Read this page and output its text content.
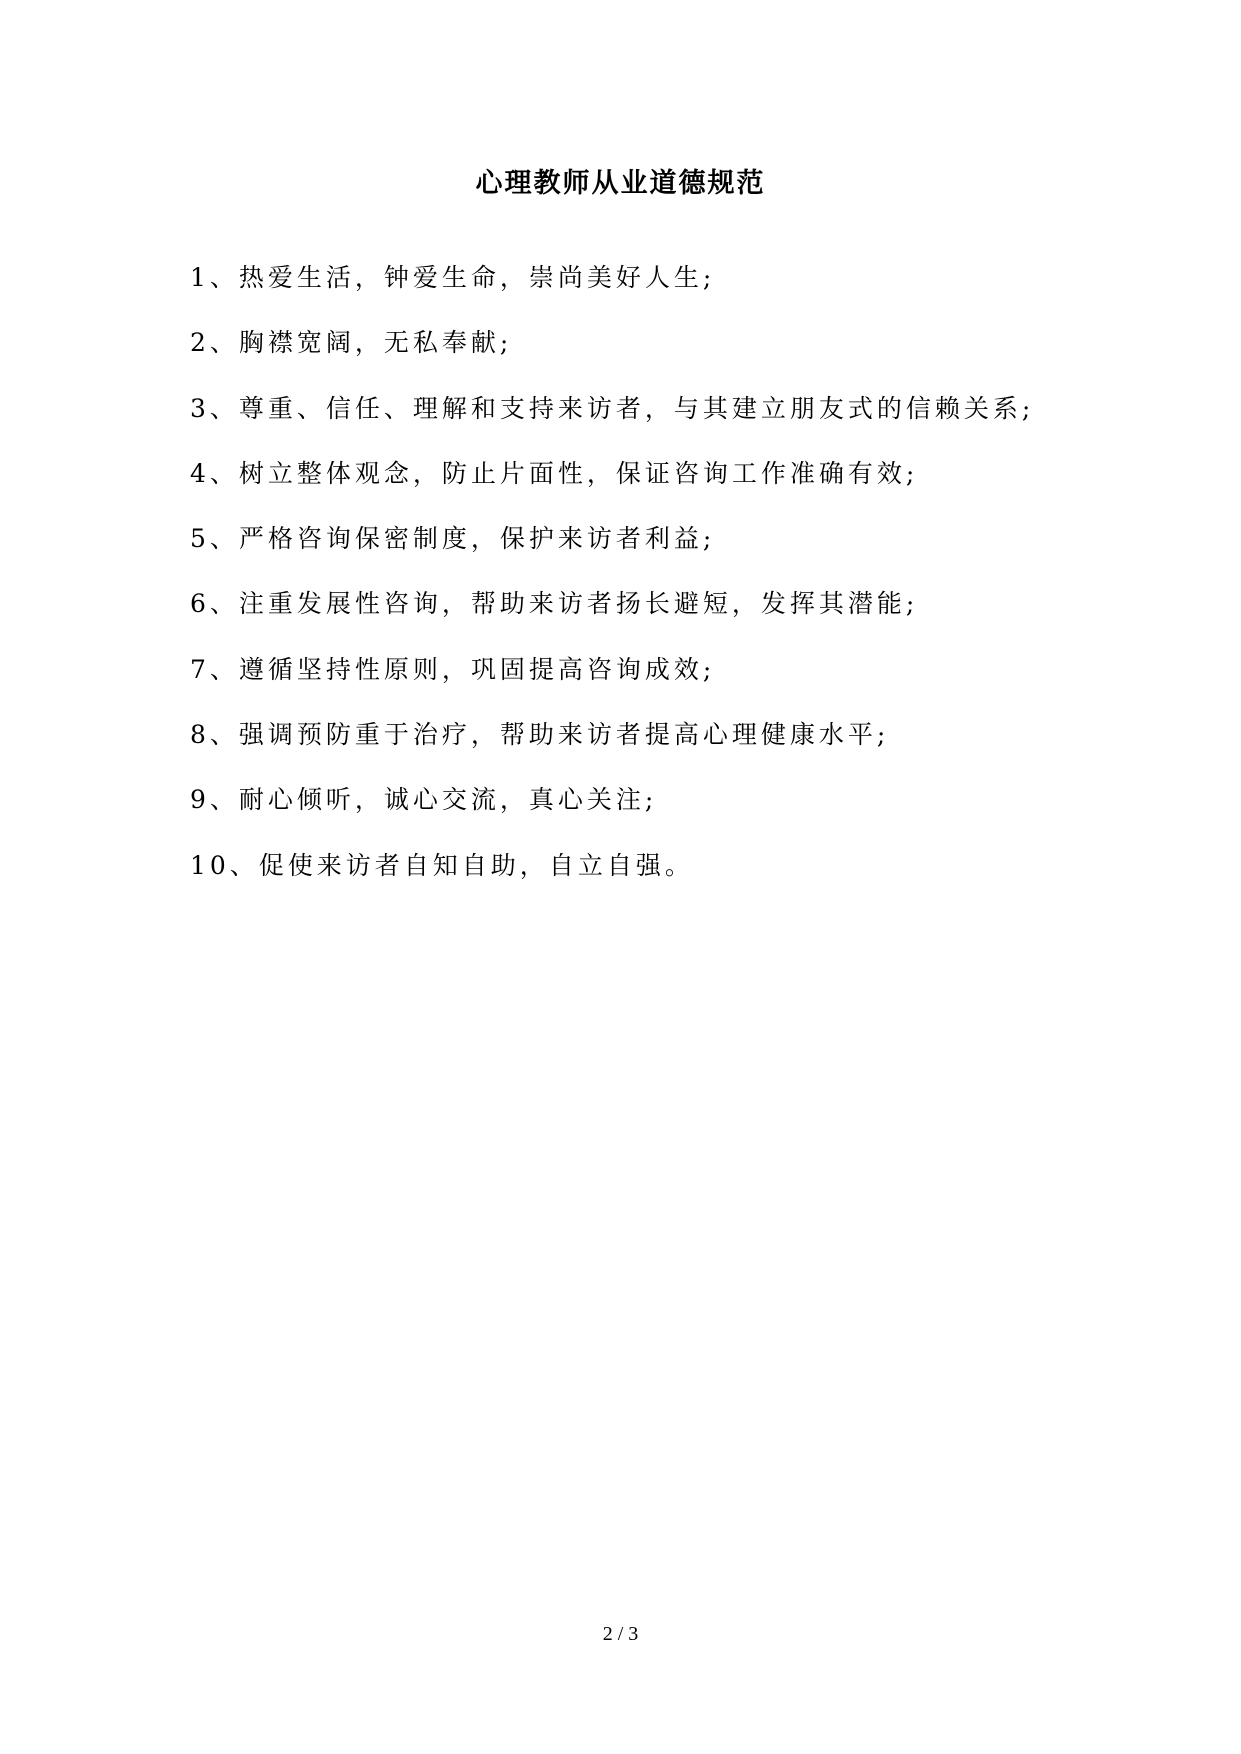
心理教师从业道德规范
1、热爱生活，钟爱生命，崇尚美好人生;
2、胸襟宽阔，无私奉献;
3、尊重、信任、理解和支持来访者，与其建立朋友式的信赖关系;
4、树立整体观念，防止片面性，保证咨询工作准确有效;
5、严格咨询保密制度，保护来访者利益;
6、注重发展性咨询，帮助来访者扬长避短，发挥其潜能;
7、遵循坚持性原则，巩固提高咨询成效;
8、强调预防重于治疗，帮助来访者提高心理健康水平;
9、耐心倾听，诚心交流，真心关注;
10、促使来访者自知自助，自立自强。
2 / 3
